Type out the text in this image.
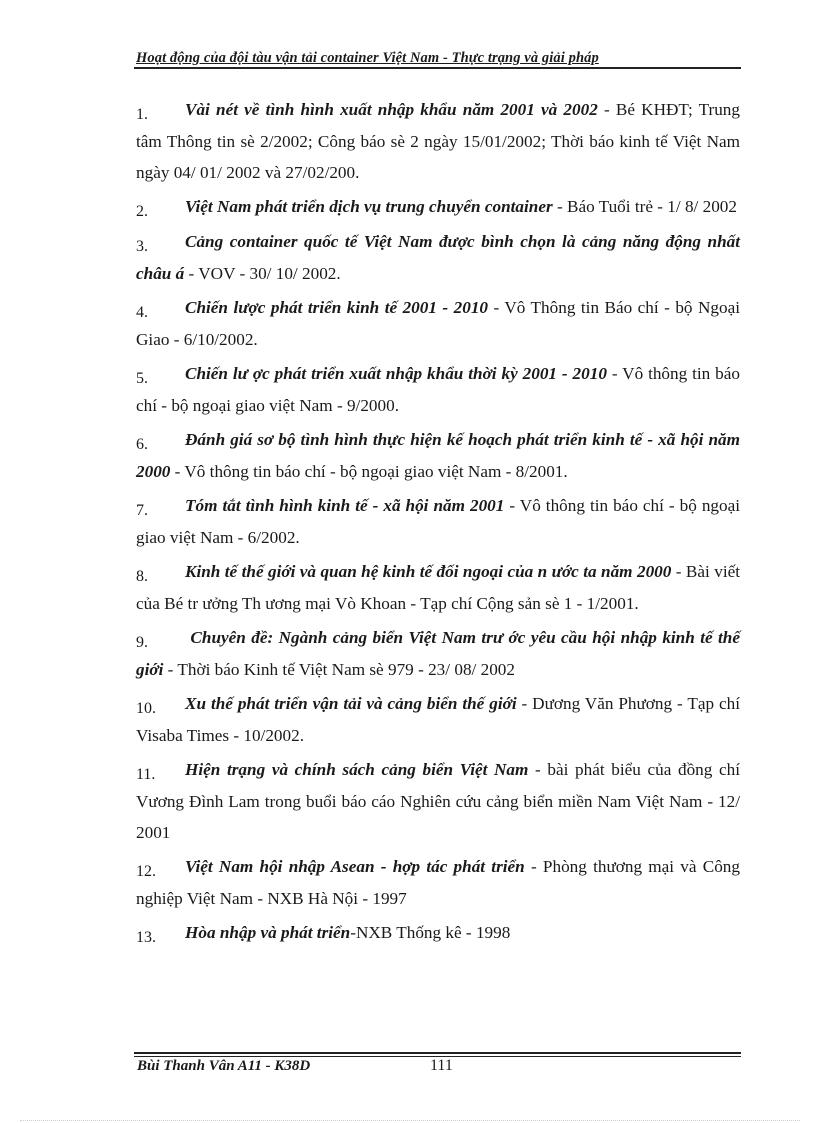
Hoạt động của đội tàu vận tải container Việt Nam - Thực trạng và giải pháp
1. Vài nét về tình hình xuất nhập khẩu năm 2001 và 2002 - Bé KHĐT; Trung tâm Thông tin sè 2/2002; Công báo sè 2 ngày 15/01/2002; Thời báo kinh tế Việt Nam ngày 04/ 01/ 2002 và 27/02/200.
2. Việt Nam phát triển dịch vụ trung chuyển container - Báo Tuổi trẻ - 1/ 8/ 2002
3. Cảng container quốc tế Việt Nam được bình chọn là cảng năng động nhất châu á - VOV - 30/ 10/ 2002.
4. Chiến lược phát triển kinh tế 2001 - 2010 - Vô Thông tin Báo chí - bộ Ngoại Giao - 6/10/2002.
5. Chiến lư ợc phát triển xuất nhập khẩu thời kỳ 2001 - 2010 - Vô thông tin báo chí - bộ ngoại giao việt Nam - 9/2000.
6. Đánh giá sơ bộ tình hình thực hiện kế hoạch phát triển kinh tế - xã hội năm 2000 - Vô thông tin báo chí - bộ ngoại giao việt Nam - 8/2001.
7. Tóm tắt tình hình kinh tế - xã hội năm 2001 - Vô thông tin báo chí - bộ ngoại giao việt Nam - 6/2002.
8. Kinh tế thế giới và quan hệ kinh tế đối ngoại của n ước ta năm 2000 - Bài viết của Bé tr ưởng Th ương mại Vò Khoan - Tạp chí Cộng sản sè 1 - 1/2001.
9. Chuyên đề: Ngành cảng biển Việt Nam trư ớc yêu cầu hội nhập kinh tế thế giới - Thời báo Kinh tế Việt Nam sè 979 - 23/ 08/ 2002
10. Xu thế phát triển vận tải và cảng biển thế giới - Dương Văn Phương - Tạp chí Visaba Times - 10/2002.
11. Hiện trạng và chính sách cảng biển Việt Nam - bài phát biểu của đồng chí Vương Đình Lam trong buổi báo cáo Nghiên cứu cảng biển miền Nam Việt Nam - 12/ 2001
12. Việt Nam hội nhập Asean - hợp tác phát triển - Phòng thương mại và Công nghiệp Việt Nam - NXB Hà Nội - 1997
13. Hòa nhập và phát triển-NXB Thống kê - 1998
Bùi Thanh Vân A11 - K38D	111
